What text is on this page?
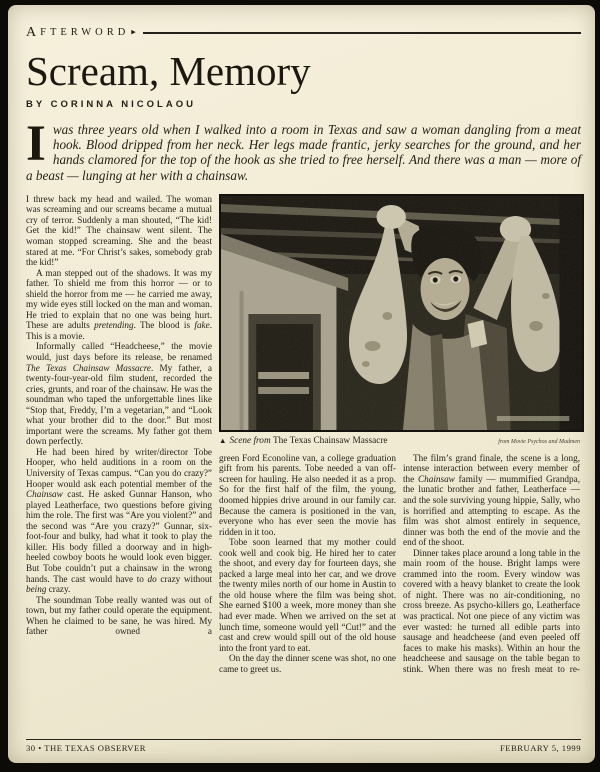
A FTERWORD ▸
Scream, Memory
BY CORINNA NICOLAOU
Iwas three years old when I walked into a room in Texas and saw a woman dangling from a meat hook. Blood dripped from her neck. Her legs made frantic, jerky searches for the ground, and her hands clamored for the top of the hook as she tried to free herself. And there was a man — more of a beast — lunging at her with a chainsaw.

I threw back my head and wailed. The woman was screaming and our screams became a mutual cry of terror. Suddenly a man shouted, “The kid! Get the kid!” The chainsaw went silent. The woman stopped screaming. She and the beast stared at me. “For Christ’s sakes, somebody grab the kid!”

A man stepped out of the shadows. It was my father. To shield me from this horror — or to shield the horror from me — he carried me away, my wide eyes still locked on the man and woman. He tried to explain that no one was being hurt. These are adults pretending. The blood is fake. This is a movie.

Informally called “Headcheese,” the movie would, just days before its release, be renamed The Texas Chainsaw Massacre. My father, a twenty-four-year-old film student, recorded the cries, grunts, and roar of the chainsaw. He was the soundman who taped the unforgettable lines like “Stop that, Freddy, I’m a vegetarian,” and “Look what your brother did to the door.” But most important were the screams. My father got them down perfectly.

He had been hired by writer/director Tobe Hooper, who held auditions in a room on the University of Texas campus. “Can you do crazy?” Hooper would ask each potential member of the Chainsaw cast. He asked Gunnar Hanson, who played Leatherface, two questions before giving him the role. The first was “Are you violent?” and the second was “Are you crazy?” Gunnar, six-foot-four and bulky, had what it took to play the killer. His body filled a doorway and in high-heeled cowboy boots he would look even bigger. But Tobe couldn’t put a chainsaw in the wrong hands. The cast would have to do crazy without being crazy.

The soundman Tobe really wanted was out of town, but my father could operate the equipment. When he claimed to be sane, he was hired. My father owned a

▲ Scene from The Texas Chainsaw Massacre	from Movie Psychos and Madmen

green Ford Econoline van, a college graduation gift from his parents. Tobe needed a van off-screen for hauling. He also needed it as a prop. So for the first half of the film, the young, doomed hippies drive around in our family car. Because the camera is positioned in the van, everyone who has ever seen the movie has ridden in it too.

Tobe soon learned that my mother could cook well and cook big. He hired her to cater the shoot, and every day for fourteen days, she packed a large meal into her car, and we drove the twenty miles north of our home in Austin to the old house where the film was being shot. She earned $100 a week, more money than she had ever made. When we arrived on the set at lunch time, someone would yell “Cut!” and the cast and crew would spill out of the old house into the front yard to eat.

On the day the dinner scene was shot, no one came to greet us.

The film’s grand finale, the scene is a long, intense interaction between every member of the Chainsaw family — mummified Grandpa, the lunatic brother and father, Leatherface — and the sole surviving young hippie, Sally, who is horrified and attempting to escape. As the film was shot almost entirely in sequence, dinner was both the end of the movie and the end of the shoot.

Dinner takes place around a long table in the main room of the house. Bright lamps were crammed into the room. Every window was covered with a heavy blanket to create the look of night. There was no air-conditioning, no cross breeze. As psycho-killers go, Leatherface was practical. Not one piece of any victim was ever wasted: he turned all edible parts into sausage and headcheese (and even peeled off faces to make his masks). Within an hour the headcheese and sausage on the table began to stink. When there was no fresh meat to re-

30 • THE TEXAS OBSERVER	FEBRUARY 5, 1999
